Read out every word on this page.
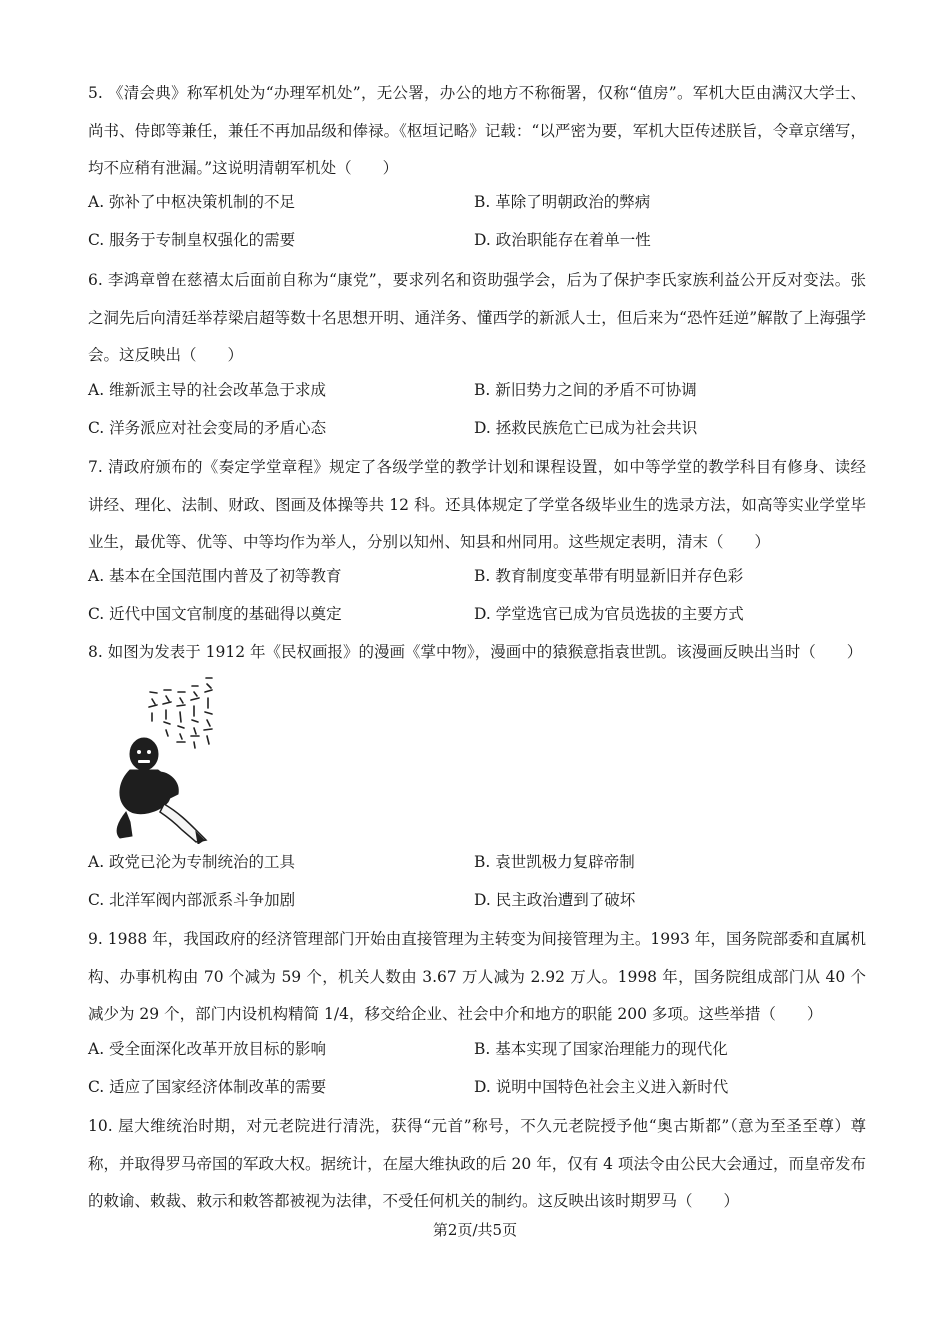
5. 《清会典》称军机处为“办理军机处”，无公署，办公的地方不称衙署，仅称“值房”。军机大臣由满汉大学士、尚书、侍郎等兼任，兼任不再加品级和俸禄。《枢垣记略》记载：“以严密为要，军机大臣传述朕旨，令章京缮写，均不应稍有泄漏。”这说明清朝军机处（　　）

A. 弥补了中枢决策机制的不足	B. 革除了明朝政治的弊病
C. 服务于专制皇权强化的需要	D. 政治职能存在着单一性

6. 李鸿章曾在慈禧太后面前自称为“康党”，要求列名和资助强学会，后为了保护李氏家族利益公开反对变法。张之洞先后向清廷举荐梁启超等数十名思想开明、通洋务、懂西学的新派人士，但后来为“恐忤廷逆”解散了上海强学会。这反映出（　　）

A. 维新派主导的社会改革急于求成	B. 新旧势力之间的矛盾不可协调
C. 洋务派应对社会变局的矛盾心态	D. 拯救民族危亡已成为社会共识

7. 清政府颁布的《奏定学堂章程》规定了各级学堂的教学计划和课程设置，如中等学堂的教学科目有修身、读经讲经、理化、法制、财政、图画及体操等共 12 科。还具体规定了学堂各级毕业生的选录方法，如高等实业学堂毕业生，最优等、优等、中等均作为举人，分别以知州、知县和州同用。这些规定表明，清末（　　）

A. 基本在全国范围内普及了初等教育	B. 教育制度变革带有明显新旧并存色彩
C. 近代中国文官制度的基础得以奠定	D. 学堂选官已成为官员选拔的主要方式

8. 如图为发表于 1912 年《民权画报》的漫画《掌中物》，漫画中的猿猴意指袁世凯。该漫画反映出当时（　　）

A. 政党已沦为专制统治的工具	B. 袁世凯极力复辟帝制
C. 北洋军阀内部派系斗争加剧	D. 民主政治遭到了破坏

9. 1988 年，我国政府的经济管理部门开始由直接管理为主转变为间接管理为主。1993 年，国务院部委和直属机构、办事机构由 70 个减为 59 个，机关人数由 3.67 万人减为 2.92 万人。1998 年，国务院组成部门从 40 个减少为 29 个，部门内设机构精简 1/4，移交给企业、社会中介和地方的职能 200 多项。这些举措（　　）

A. 受全面深化改革开放目标的影响	B. 基本实现了国家治理能力的现代化
C. 适应了国家经济体制改革的需要	D. 说明中国特色社会主义进入新时代

10. 屋大维统治时期，对元老院进行清洗，获得“元首”称号，不久元老院授予他“奥古斯都”（意为至圣至尊）尊称，并取得罗马帝国的军政大权。据统计，在屋大维执政的后 20 年，仅有 4 项法令由公民大会通过，而皇帝发布的敕谕、敕裁、敕示和敕答都被视为法律，不受任何机关的制约。这反映出该时期罗马（　　）

第2页/共5页
